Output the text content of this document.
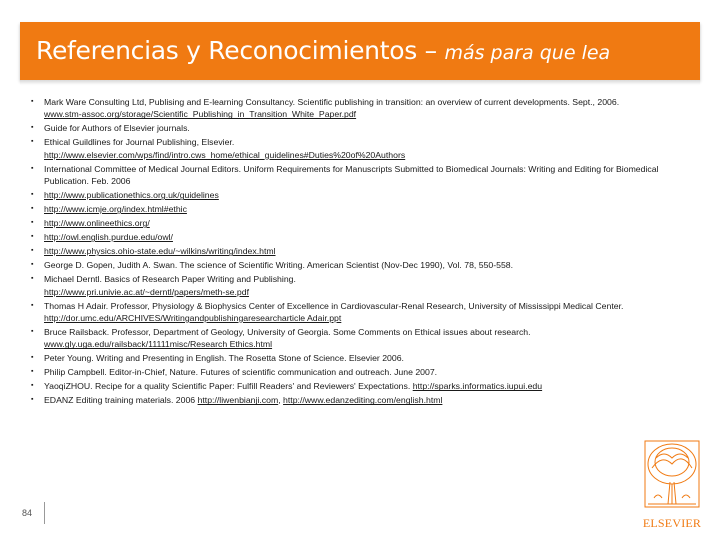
Referencias y Reconocimientos – más para que lea
▪ Mark Ware Consulting Ltd, Publising and E-learning Consultancy. Scientific publishing in transition: an overview of current developments. Sept., 2006.
www.stm-assoc.org/storage/Scientific_Publishing_in_Transition_White_Paper.pdf
▪ Guide for Authors of Elsevier journals.
▪ Ethical Guildlines for Journal Publishing, Elsevier.
http://www.elsevier.com/wps/find/intro.cws_home/ethical_guidelines#Duties%20of%20Authors
▪ International Committee of Medical Journal Editors. Uniform Requirements for Manuscripts Submitted to Biomedical Journals: Writing and Editing for Biomedical Publication. Feb. 2006
▪ http://www.publicationethics.org.uk/guidelines
▪ http://www.icmje.org/index.html#ethic
▪ http://www.onlineethics.org/
▪ http://owl.english.purdue.edu/owl/
▪ http://www.physics.ohio-state.edu/~wilkins/writing/index.html
▪ George D. Gopen, Judith A. Swan. The science of Scientific Writing. American Scientist (Nov-Dec 1990), Vol. 78, 550-558.
▪ Michael Derntl. Basics of Research Paper Writing and Publishing.
http://www.pri.univie.ac.at/~derntl/papers/meth-se.pdf
▪ Thomas H Adair. Professor, Physiology & Biophysics Center of Excellence in Cardiovascular-Renal Research, University of Mississippi Medical Center. http://dor.umc.edu/ARCHIVES/Writingandpublishingaresearcharticle Adair.ppt
▪ Bruce Railsback. Professor, Department of Geology, University of Georgia. Some Comments on Ethical issues about research.
www.gly.uga.edu/railsback/11111misc/Research Ethics.html
▪ Peter Young. Writing and Presenting in English. The Rosetta Stone of Science. Elsevier 2006.
▪ Philip Campbell. Editor-in-Chief, Nature. Futures of scientific communication and outreach. June 2007.
▪ YaoqiZHOU. Recipe for a quality Scientific Paper: Fulfill Readers' and Reviewers' Expectations. http://sparks.informatics.iupui.edu
▪ EDANZ Editing training materials. 2006 http://liwenbianji.com, http://www.edanzediting.com/english.html
84
ELSEVIER
